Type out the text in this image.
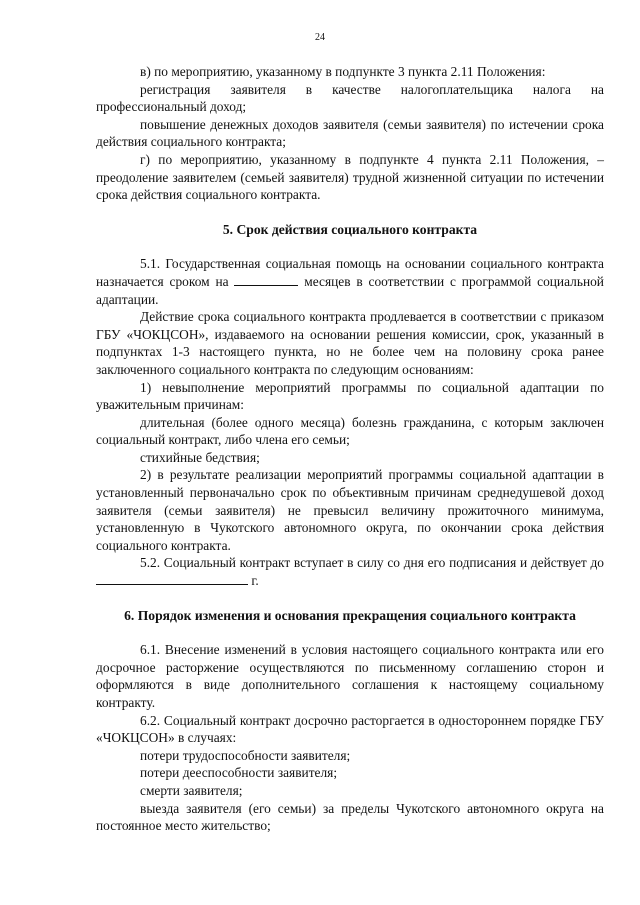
24

в) по мероприятию, указанному в подпункте 3 пункта 2.11 Положения:

регистрация заявителя в качестве налогоплательщика налога на профессиональный доход;

повышение денежных доходов заявителя (семьи заявителя) по истечении срока действия социального контракта;

г) по мероприятию, указанному в подпункте 4 пункта 2.11 Положения, – преодоление заявителем (семьей заявителя) трудной жизненной ситуации по истечении срока действия социального контракта.

5. Срок действия социального контракта

5.1. Государственная социальная помощь на основании социального контракта назначается сроком на	месяцев в соответствии с программой социальной адаптации.

Действие срока социального контракта продлевается в соответствии с приказом ГБУ «ЧОКЦСОН», издаваемого на основании решения комиссии, срок, указанный в подпунктах 1-3 настоящего пункта, но не более чем на половину срока ранее заключенного социального контракта по следующим основаниям:

1) невыполнение мероприятий программы по социальной адаптации по уважительным причинам:

длительная (более одного месяца) болезнь гражданина, с которым заключен социальный контракт, либо члена его семьи;

стихийные бедствия;

2) в результате реализации мероприятий программы социальной адаптации в установленный первоначально срок по объективным причинам среднедушевой доход заявителя (семьи заявителя) не превысил величину прожиточного минимума, установленную в Чукотского автономного округа, по окончании срока действия социального контракта.

5.2. Социальный контракт вступает в силу со дня его подписания и действует до  г.

6. Порядок изменения и основания прекращения социального контракта

6.1. Внесение изменений в условия настоящего социального контракта или его досрочное расторжение осуществляются по письменному соглашению сторон и оформляются в виде дополнительного соглашения к настоящему социальному контракту.

6.2. Социальный контракт досрочно расторгается в одностороннем порядке ГБУ «ЧОКЦСОН» в случаях:

потери трудоспособности заявителя;

потери дееспособности заявителя;

смерти заявителя;

выезда заявителя (его семьи) за пределы Чукотского автономного округа на постоянное место жительство;
